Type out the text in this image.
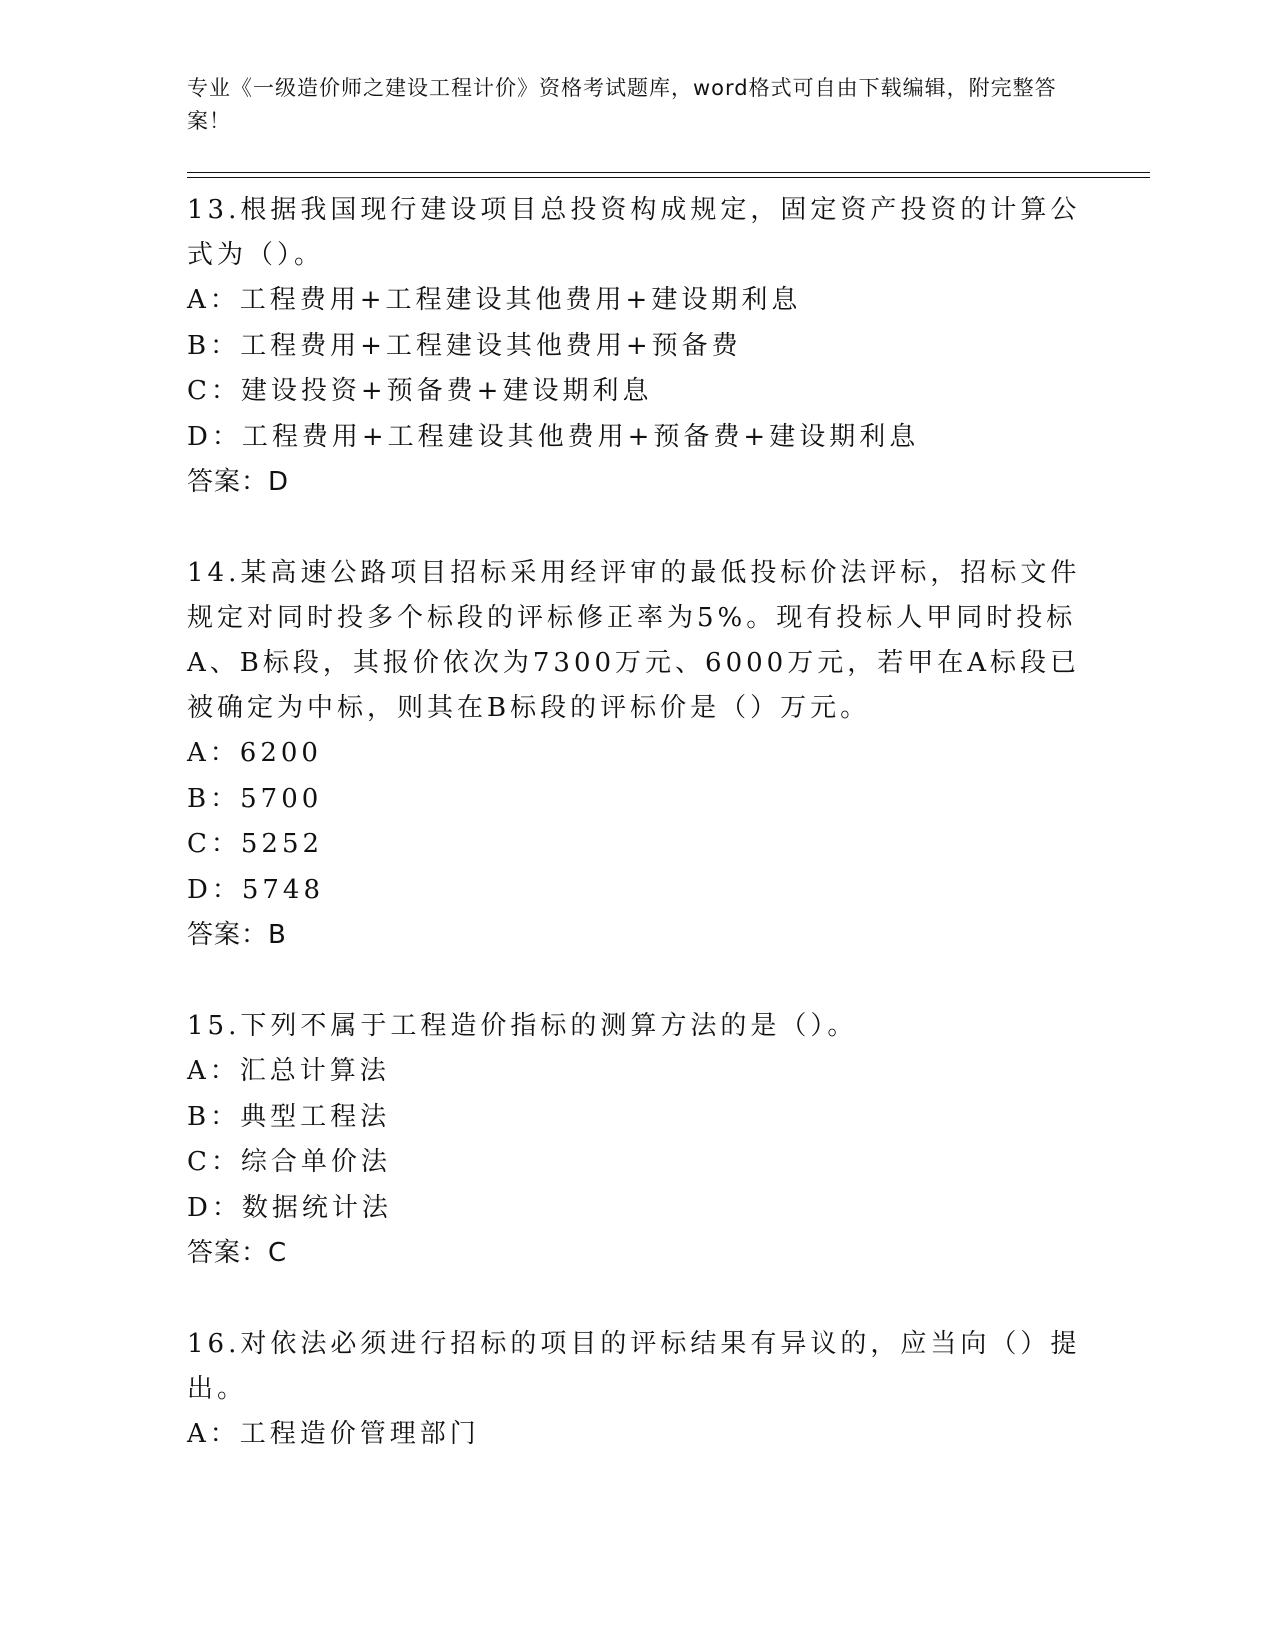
专业《一级造价师之建设工程计价》资格考试题库，word格式可自由下载编辑，附完整答案！

13.根据我国现行建设项目总投资构成规定，固定资产投资的计算公式为（）。

A：工程费用+工程建设其他费用+建设期利息

B：工程费用+工程建设其他费用+预备费

C：建设投资+预备费+建设期利息

D：工程费用+工程建设其他费用+预备费+建设期利息

答案：D

14.某高速公路项目招标采用经评审的最低投标价法评标，招标文件规定对同时投多个标段的评标修正率为5%。现有投标人甲同时投标A、B标段，其报价依次为7300万元、6000万元，若甲在A标段已被确定为中标，则其在B标段的评标价是（）万元。

A：6200

B：5700

C：5252

D：5748

答案：B

15.下列不属于工程造价指标的测算方法的是（）。

A：汇总计算法

B：典型工程法

C：综合单价法

D：数据统计法

答案：C

16.对依法必须进行招标的项目的评标结果有异议的，应当向（）提出。

A：工程造价管理部门
